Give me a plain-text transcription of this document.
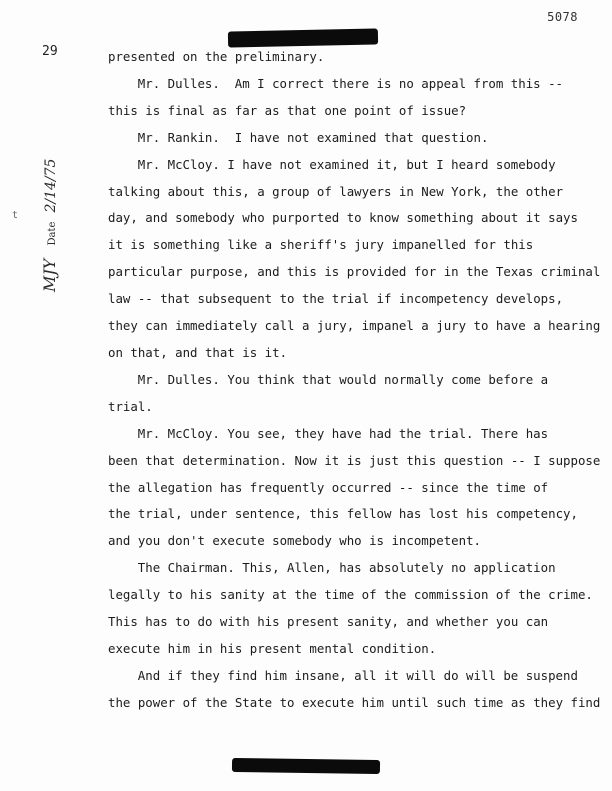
5078
29
t
MJY Date 2/14/75

presented on the preliminary.

Mr. Dulles.  Am I correct there is no appeal from this --

this is final as far as that one point of issue?

Mr. Rankin.  I have not examined that question.

Mr. McCloy. I have not examined it, but I heard somebody

talking about this, a group of lawyers in New York, the other

day, and somebody who purported to know something about it says

it is something like a sheriff's jury impanelled for this

particular purpose, and this is provided for in the Texas criminal

law -- that subsequent to the trial if incompetency develops,

they can immediately call a jury, impanel a jury to have a hearing

on that, and that is it.

Mr. Dulles. You think that would normally come before a

trial.

Mr. McCloy. You see, they have had the trial. There has

been that determination. Now it is just this question -- I suppose

the allegation has frequently occurred -- since the time of

the trial, under sentence, this fellow has lost his competency,

and you don't execute somebody who is incompetent.

The Chairman. This, Allen, has absolutely no application

legally to his sanity at the time of the commission of the crime.

This has to do with his present sanity, and whether you can

execute him in his present mental condition.

And if they find him insane, all it will do will be suspend

the power of the State to execute him until such time as they find
